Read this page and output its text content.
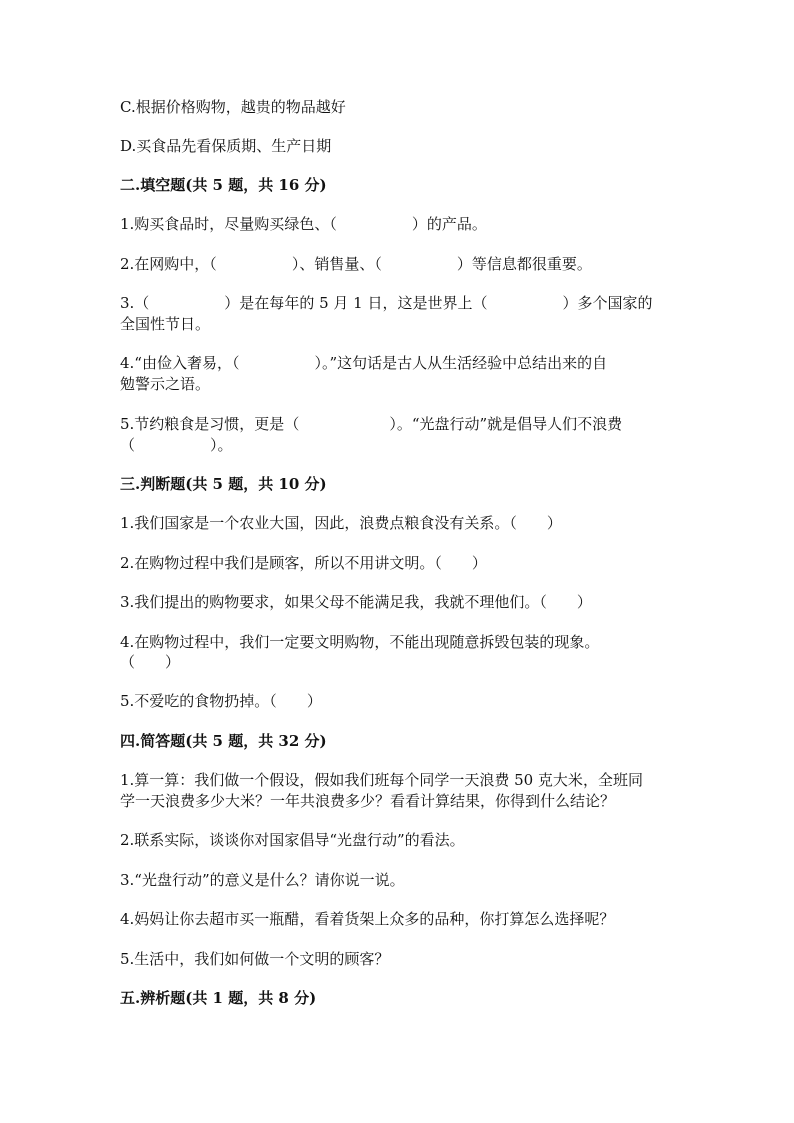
C.根据价格购物，越贵的物品越好
D.买食品先看保质期、生产日期
二.填空题(共 5 题，共 16 分)
1.购买食品时，尽量购买绿色、（　　　　　）的产品。
2.在网购中，（　　　　　）、销售量、（　　　　　）等信息都很重要。
3.（　　　　　）是在每年的 5 月 1 日，这是世界上（　　　　　）多个国家的
全国性节日。
4.“由俭入奢易，（　　　　　）。”这句话是古人从生活经验中总结出来的自
勉警示之语。
5.节约粮食是习惯，更是（　　　　　　）。“光盘行动”就是倡导人们不浪费
（　　　　　）。
三.判断题(共 5 题，共 10 分)
1.我们国家是一个农业大国，因此，浪费点粮食没有关系。（　　）
2.在购物过程中我们是顾客，所以不用讲文明。（　　）
3.我们提出的购物要求，如果父母不能满足我，我就不理他们。（　　）
4.在购物过程中，我们一定要文明购物，不能出现随意拆毁包装的现象。
（　　）
5.不爱吃的食物扔掉。（　　）
四.简答题(共 5 题，共 32 分)
1.算一算：我们做一个假设，假如我们班每个同学一天浪费 50 克大米，全班同
学一天浪费多少大米？一年共浪费多少？看看计算结果，你得到什么结论？
2.联系实际，谈谈你对国家倡导“光盘行动”的看法。
3.“光盘行动”的意义是什么？请你说一说。
4.妈妈让你去超市买一瓶醋，看着货架上众多的品种，你打算怎么选择呢？
5.生活中，我们如何做一个文明的顾客？
五.辨析题(共 1 题，共 8 分)
